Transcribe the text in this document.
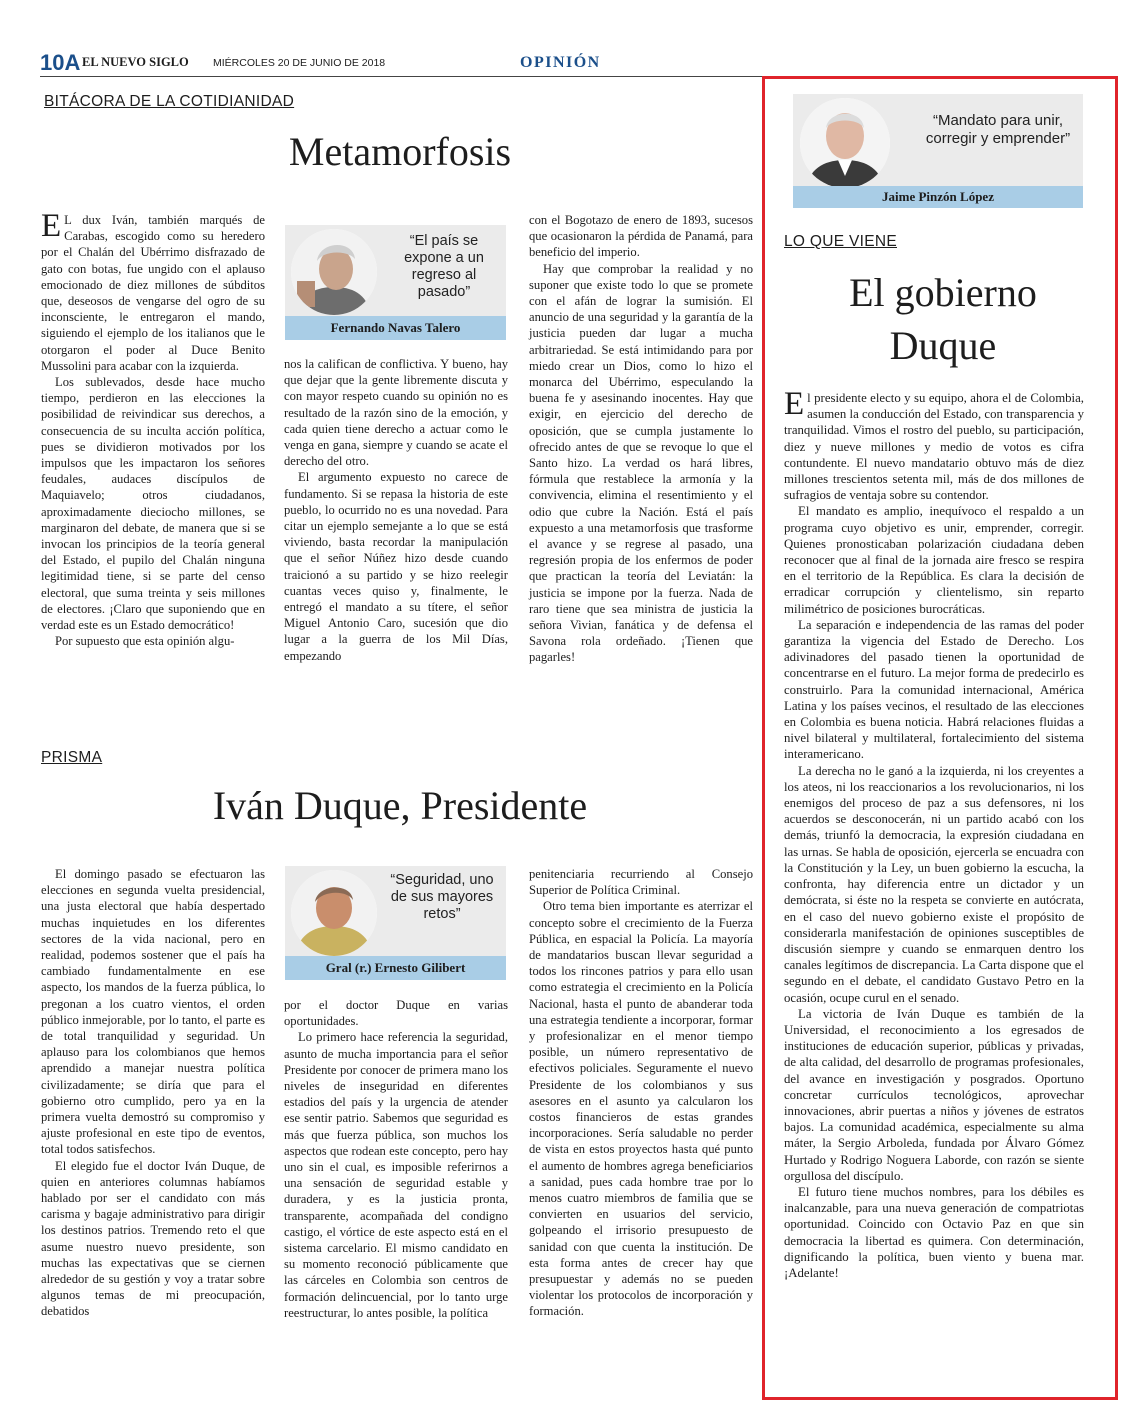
10A EL NUEVO SIGLO MIÉRCOLES 20 DE JUNIO DE 2018	OPINIÓN
BITÁCORA DE LA COTIDIANIDAD
Metamorfosis

E L dux Iván, también marqués de Carabas, escogido como su heredero por el Chalán del Ubérrimo disfrazado de gato con botas, fue ungido con el aplauso emocionado de diez millones de súbditos que, deseosos de vengarse del ogro de su inconsciente, le entregaron el mando, siguiendo el ejemplo de los italianos que le otorgaron el poder al Duce Benito Mussolini para acabar con la izquierda.

Los sublevados, desde hace mucho tiempo, perdieron en las elecciones la posibilidad de reivindicar sus derechos, a consecuencia de su inculta acción política, pues se dividieron motivados por los impulsos que les impactaron los señores feudales, audaces discípulos de Maquiavelo; otros ciudadanos, aproximadamente dieciocho millones, se marginaron del debate, de manera que si se invocan los principios de la teoría general del Estado, el pupilo del Chalán ninguna legitimidad tiene, si se parte del censo electoral, que suma treinta y seis millones de electores. ¡Claro que suponiendo que en verdad este es un Estado democrático!

Por supuesto que esta opinión algu-

“El país se expone a un regreso al pasado”
Fernando Navas Talero

nos la califican de conflictiva. Y bueno, hay que dejar que la gente libremente discuta y con mayor respeto cuando su opinión no es resultado de la razón sino de la emoción, y cada quien tiene derecho a actuar como le venga en gana, siempre y cuando se acate el derecho del otro.

El argumento expuesto no carece de fundamento. Si se repasa la historia de este pueblo, lo ocurrido no es una novedad. Para citar un ejemplo semejante a lo que se está viviendo, basta recordar la manipulación que el señor Núñez hizo desde cuando traicionó a su partido y se hizo reelegir cuantas veces quiso y, finalmente, le entregó el mandato a su títere, el señor Miguel Antonio Caro, sucesión que dio lugar a la guerra de los Mil Días, empezando

con el Bogotazo de enero de 1893, sucesos que ocasionaron la pérdida de Panamá, para beneficio del imperio.

Hay que comprobar la realidad y no suponer que existe todo lo que se promete con el afán de lograr la sumisión. El anuncio de una seguridad y la garantía de la justicia pueden dar lugar a mucha arbitrariedad. Se está intimidando para por miedo crear un Dios, como lo hizo el monarca del Ubérrimo, especulando la buena fe y asesinando inocentes. Hay que exigir, en ejercicio del derecho de oposición, que se cumpla justamente lo ofrecido antes de que se revoque lo que el Santo hizo. La verdad os hará libres, fórmula que restablece la armonía y la convivencia, elimina el resentimiento y el odio que cubre la Nación. Está el país expuesto a una metamorfosis que trasforme el avance y se regrese al pasado, una regresión propia de los enfermos de poder que practican la teoría del Leviatán: la justicia se impone por la fuerza. Nada de raro tiene que sea ministra de justicia la señora Vivian, fanática y de defensa el Savona rola ordeñado. ¡Tienen que pagarles!

PRISMA
Iván Duque, Presidente

El domingo pasado se efectuaron las elecciones en segunda vuelta presidencial, una justa electoral que había despertado muchas inquietudes en los diferentes sectores de la vida nacional, pero en realidad, podemos sostener que el país ha cambiado fundamentalmente en ese aspecto, los mandos de la fuerza pública, lo pregonan a los cuatro vientos, el orden público inmejorable, por lo tanto, el parte es de total tranquilidad y seguridad. Un aplauso para los colombianos que hemos aprendido a manejar nuestra política civilizadamente; se diría que para el gobierno otro cumplido, pero ya en la primera vuelta demostró su compromiso y ajuste profesional en este tipo de eventos, total todos satisfechos.

El elegido fue el doctor Iván Duque, de quien en anteriores columnas habíamos hablado por ser el candidato con más carisma y bagaje administrativo para dirigir los destinos patrios. Tremendo reto el que asume nuestro nuevo presidente, son muchas las expectativas que se ciernen alrededor de su gestión y voy a tratar sobre algunos temas de mi preocupación, debatidos

“Seguridad, uno de sus mayores retos”
Gral (r.) Ernesto Gilibert

por el doctor Duque en varias oportunidades.

Lo primero hace referencia la seguridad, asunto de mucha importancia para el señor Presidente por conocer de primera mano los niveles de inseguridad en diferentes estadios del país y la urgencia de atender ese sentir patrio. Sabemos que seguridad es más que fuerza pública, son muchos los aspectos que rodean este concepto, pero hay uno sin el cual, es imposible referirnos a una sensación de seguridad estable y duradera, y es la justicia pronta, transparente, acompañada del condigno castigo, el vórtice de este aspecto está en el sistema carcelario. El mismo candidato en su momento reconoció públicamente que las cárceles en Colombia son centros de formación delincuencial, por lo tanto urge reestructurar, lo antes posible, la política

penitenciaria recurriendo al Consejo Superior de Política Criminal.

Otro tema bien importante es aterrizar el concepto sobre el crecimiento de la Fuerza Pública, en espacial la Policía. La mayoría de mandatarios buscan llevar seguridad a todos los rincones patrios y para ello usan como estrategia el crecimiento en la Policía Nacional, hasta el punto de abanderar toda una estrategia tendiente a incorporar, formar y profesionalizar en el menor tiempo posible, un número representativo de efectivos policiales. Seguramente el nuevo Presidente de los colombianos y sus asesores en el asunto ya calcularon los costos financieros de estas grandes incorporaciones. Sería saludable no perder de vista en estos proyectos hasta qué punto el aumento de hombres agrega beneficiarios a sanidad, pues cada hombre trae por lo menos cuatro miembros de familia que se convierten en usuarios del servicio, golpeando el irrisorio presupuesto de sanidad con que cuenta la institución. De esta forma antes de crecer hay que presupuestar y además no se pueden violentar los protocolos de incorporación y formación.

“Mandato para unir, corregir y emprender”
Jaime Pinzón López
LO QUE VIENE
El gobierno
Duque

El presidente electo y su equipo, ahora el de Colombia, asumen la conducción del Estado, con transparencia y tranquilidad. Vimos el rostro del pueblo, su participación, diez y nueve millones y medio de votos es cifra contundente. El nuevo mandatario obtuvo más de diez millones trescientos setenta mil, más de dos millones de sufragios de ventaja sobre su contendor.

El mandato es amplio, inequívoco el respaldo a un programa cuyo objetivo es unir, emprender, corregir. Quienes pronosticaban polarización ciudadana deben reconocer que al final de la jornada aire fresco se respira en el territorio de la República. Es clara la decisión de erradicar corrupción y clientelismo, sin reparto milimétrico de posiciones burocráticas.

La separación e independencia de las ramas del poder garantiza la vigencia del Estado de Derecho. Los adivinadores del pasado tienen la oportunidad de concentrarse en el futuro. La mejor forma de predecirlo es construirlo. Para la comunidad internacional, América Latina y los países vecinos, el resultado de las elecciones en Colombia es buena noticia. Habrá relaciones fluidas a nivel bilateral y multilateral, fortalecimiento del sistema interamericano.

La derecha no le ganó a la izquierda, ni los creyentes a los ateos, ni los reaccionarios a los revolucionarios, ni los enemigos del proceso de paz a sus defensores, ni los acuerdos se desconocerán, ni un partido acabó con los demás, triunfó la democracia, la expresión ciudadana en las urnas. Se habla de oposición, ejercerla se encuadra con la Constitución y la Ley, un buen gobierno la escucha, la confronta, hay diferencia entre un dictador y un demócrata, si éste no la respeta se convierte en autócrata, en el caso del nuevo gobierno existe el propósito de considerarla manifestación de opiniones susceptibles de discusión siempre y cuando se enmarquen dentro los canales legítimos de discrepancia. La Carta dispone que el segundo en el debate, el candidato Gustavo Petro en la ocasión, ocupe curul en el senado.

La victoria de Iván Duque es también de la Universidad, el reconocimiento a los egresados de instituciones de educación superior, públicas y privadas, de alta calidad, del desarrollo de programas profesionales, del avance en investigación y posgrados. Oportuno concretar currículos tecnológicos, aprovechar innovaciones, abrir puertas a niños y jóvenes de estratos bajos. La comunidad académica, especialmente su alma máter, la Sergio Arboleda, fundada por Álvaro Gómez Hurtado y Rodrigo Noguera Laborde, con razón se siente orgullosa del discípulo.

El futuro tiene muchos nombres, para los débiles es inalcanzable, para una nueva generación de compatriotas oportunidad. Coincido con Octavio Paz en que sin democracia la libertad es quimera. Con determinación, dignificando la política, buen viento y buena mar. ¡Adelante!
